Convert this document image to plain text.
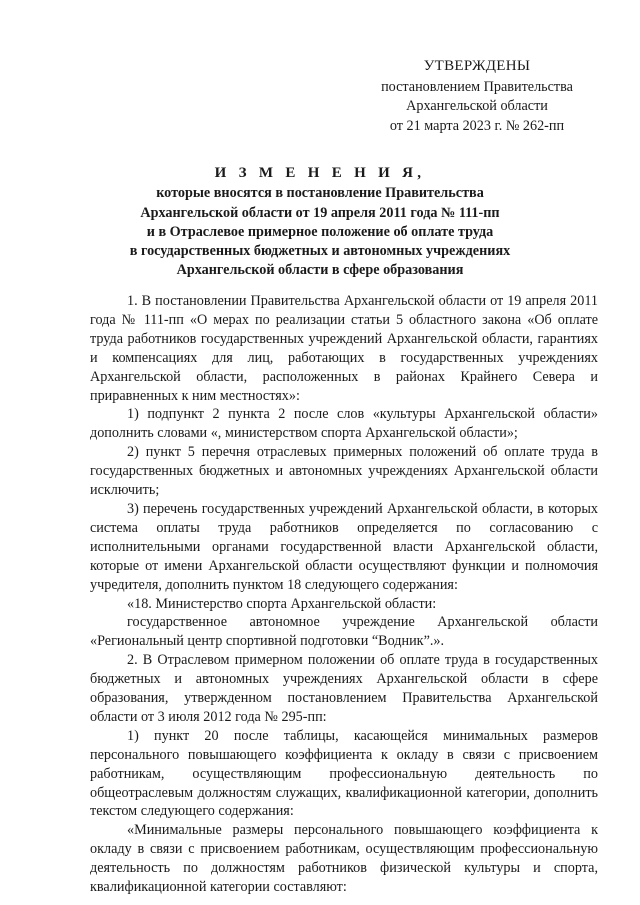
УТВЕРЖДЕНЫ
постановлением Правительства
Архангельской области
от 21 марта 2023 г. № 262-пп
И З М Е Н Е Н И Я,
которые вносятся в постановление Правительства
Архангельской области от 19 апреля 2011 года № 111-пп
и в Отраслевое примерное положение об оплате труда
в государственных бюджетных и автономных учреждениях
Архангельской области в сфере образования

1. В постановлении Правительства Архангельской области от 19 апреля 2011 года № 111-пп «О мерах по реализации статьи 5 областного закона «Об оплате труда работников государственных учреждений Архангельской области, гарантиях и компенсациях для лиц, работающих в государственных учреждениях Архангельской области, расположенных в районах Крайнего Севера и приравненных к ним местностях»:

1) подпункт 2 пункта 2 после слов «культуры Архангельской области» дополнить словами «, министерством спорта Архангельской области»;

2) пункт 5 перечня отраслевых примерных положений об оплате труда в государственных бюджетных и автономных учреждениях Архангельской области исключить;

3) перечень государственных учреждений Архангельской области, в которых система оплаты труда работников определяется по согласованию с исполнительными органами государственной власти Архангельской области, которые от имени Архангельской области осуществляют функции и полномочия учредителя, дополнить пунктом 18 следующего содержания:

«18. Министерство спорта Архангельской области:

государственное автономное учреждение Архангельской области «Региональный центр спортивной подготовки “Водник”.».

2. В Отраслевом примерном положении об оплате труда в государственных бюджетных и автономных учреждениях Архангельской области в сфере образования, утвержденном постановлением Правительства Архангельской области от 3 июля 2012 года № 295-пп:

1) пункт 20 после таблицы, касающейся минимальных размеров персонального повышающего коэффициента к окладу в связи с присвоением работникам, осуществляющим профессиональную деятельность по общеотраслевым должностям служащих, квалификационной категории, дополнить текстом следующего содержания:

«Минимальные размеры персонального повышающего коэффициента к окладу в связи с присвоением работникам, осуществляющим профессиональную деятельность по должностям работников физической культуры и спорта, квалификационной категории составляют:
